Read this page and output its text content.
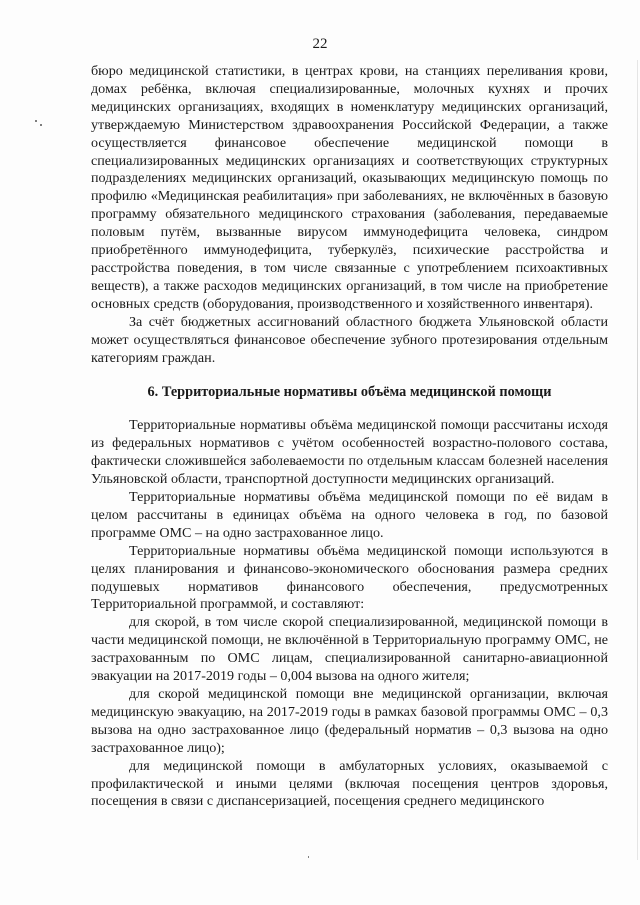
22

бюро медицинской статистики, в центрах крови, на станциях переливания крови, домах ребёнка, включая специализированные, молочных кухнях и прочих медицинских организациях, входящих в номенклатуру медицинских организаций, утверждаемую Министерством здравоохранения Российской Федерации, а также осуществляется финансовое обеспечение медицинской помощи в специализированных медицинских организациях и соответствующих структурных подразделениях медицинских организаций, оказывающих медицинскую помощь по профилю «Медицинская реабилитация» при заболеваниях, не включённых в базовую программу обязательного медицинского страхования (заболевания, передаваемые половым путём, вызванные вирусом иммунодефицита человека, синдром приобретённого иммунодефицита, туберкулёз, психические расстройства и расстройства поведения, в том числе связанные с употреблением психоактивных веществ), а также расходов медицинских организаций, в том числе на приобретение основных средств (оборудования, производственного и хозяйственного инвентаря).

За счёт бюджетных ассигнований областного бюджета Ульяновской области может осуществляться финансовое обеспечение зубного протезирования отдельным категориям граждан.

6. Территориальные нормативы объёма медицинской помощи

Территориальные нормативы объёма медицинской помощи рассчитаны исходя из федеральных нормативов с учётом особенностей возрастно-полового состава, фактически сложившейся заболеваемости по отдельным классам болезней населения Ульяновской области, транспортной доступности медицинских организаций.

Территориальные нормативы объёма медицинской помощи по её видам в целом рассчитаны в единицах объёма на одного человека в год, по базовой программе ОМС – на одно застрахованное лицо.

Территориальные нормативы объёма медицинской помощи используются в целях планирования и финансово-экономического обоснования размера средних подушевых нормативов финансового обеспечения, предусмотренных Территориальной программой, и составляют:

для скорой, в том числе скорой специализированной, медицинской помощи в части медицинской помощи, не включённой в Территориальную программу ОМС, не застрахованным по ОМС лицам, специализированной санитарно-авиационной эвакуации на 2017-2019 годы – 0,004 вызова на одного жителя;

для скорой медицинской помощи вне медицинской организации, включая медицинскую эвакуацию, на 2017-2019 годы в рамках базовой программы ОМС – 0,3 вызова на одно застрахованное лицо (федеральный норматив – 0,3 вызова на одно застрахованное лицо);

для медицинской помощи в амбулаторных условиях, оказываемой с профилактической и иными целями (включая посещения центров здоровья, посещения в связи с диспансеризацией, посещения среднего медицинского
